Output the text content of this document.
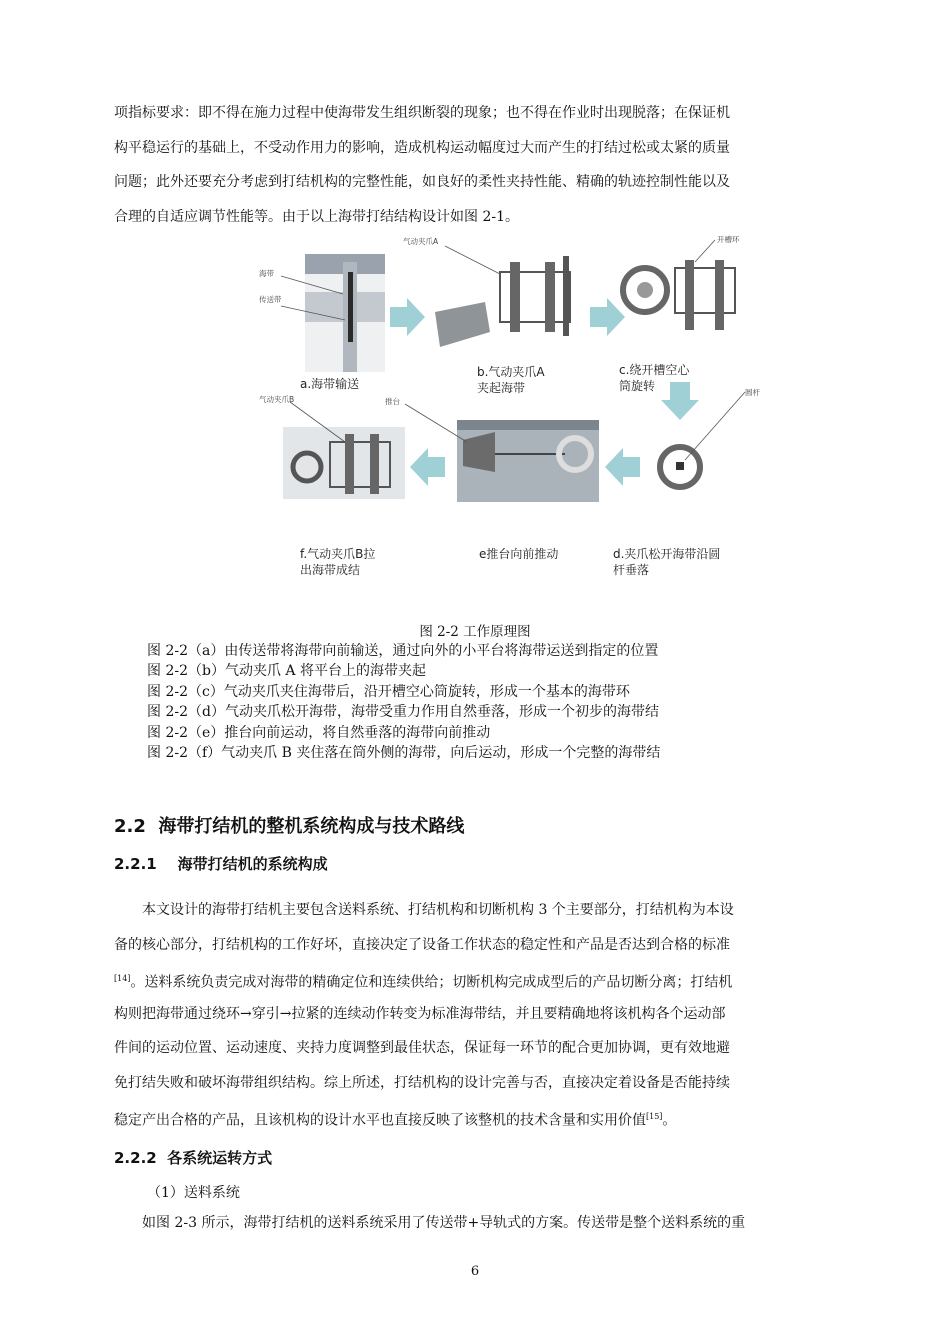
项指标要求：即不得在施力过程中使海带发生组织断裂的现象；也不得在作业时出现脱落；在保证机
构平稳运行的基础上，不受动作用力的影响，造成机构运动幅度过大而产生的打结过松或太紧的质量
问题；此外还要充分考虑到打结机构的完整性能，如良好的柔性夹持性能、精确的轨迹控制性能以及
合理的自适应调节性能等。由于以上海带打结结构设计如图 2-1。
海带
传送带
气动夹爪A	开槽环
圆杆
推台
气动夹爪B
a.海带输送
b.气动夹爪A
夹起海带
c.绕开槽空心
筒旋转
f.气动夹爪B拉
出海带成结
e推台向前推动	d.夹爪松开海带沿圆
杆垂落
图 2-2 工作原理图
图 2-2（a）由传送带将海带向前输送，通过向外的小平台将海带运送到指定的位置
图 2-2（b）气动夹爪 A 将平台上的海带夹起
图 2-2（c）气动夹爪夹住海带后，沿开槽空心筒旋转，形成一个基本的海带环
图 2-2（d）气动夹爪松开海带，海带受重力作用自然垂落，形成一个初步的海带结
图 2-2（e）推台向前运动，将自然垂落的海带向前推动
图 2-2（f）气动夹爪 B 夹住落在筒外侧的海带，向后运动，形成一个完整的海带结
2.2  海带打结机的整机系统构成与技术路线
2.2.1    海带打结机的系统构成
本文设计的海带打结机主要包含送料系统、打结机构和切断机构 3 个主要部分，打结机构为本设
备的核心部分，打结机构的工作好坏，直接决定了设备工作状态的稳定性和产品是否达到合格的标准
[14]。送料系统负责完成对海带的精确定位和连续供给；切断机构完成成型后的产品切断分离；打结机
构则把海带通过绕环→穿引→拉紧的连续动作转变为标准海带结，并且要精确地将该机构各个运动部
件间的运动位置、运动速度、夹持力度调整到最佳状态，保证每一环节的配合更加协调，更有效地避
免打结失败和破坏海带组织结构。综上所述，打结机构的设计完善与否，直接决定着设备是否能持续
稳定产出合格的产品，且该机构的设计水平也直接反映了该整机的技术含量和实用价值[15]。
2.2.2  各系统运转方式
（1）送料系统
如图 2-3 所示，海带打结机的送料系统采用了传送带+导轨式的方案。传送带是整个送料系统的重
6
